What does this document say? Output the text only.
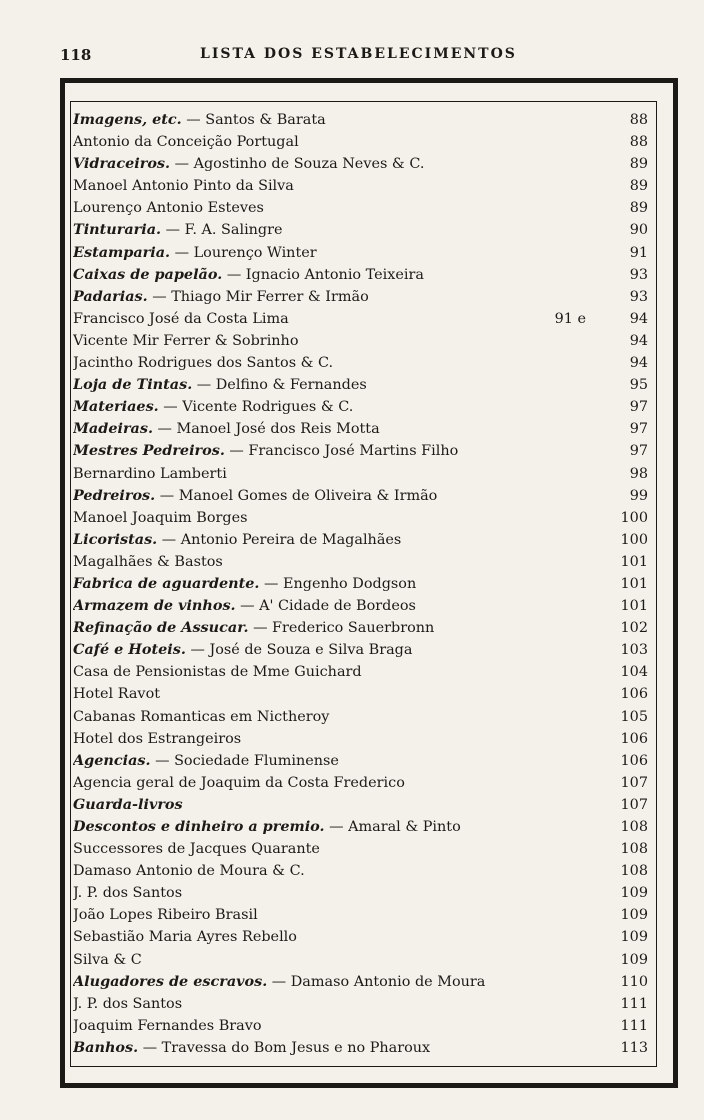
118	LISTA DOS ESTABELECIMENTOS
Imagens, etc. — Santos & Barata	88
Antonio da Conceição Portugal	88
Vidraceiros. — Agostinho de Souza Neves & C.	89
Manoel Antonio Pinto da Silva	89
Lourenço Antonio Esteves	89
Tinturaria. — F. A. Salingre	90
Estamparia. — Lourenço Winter	91
Caixas de papelão. — Ignacio Antonio Teixeira	93
Padarias. — Thiago Mir Ferrer & Irmão	93
Francisco José da Costa Lima	91 e	94
Vicente Mir Ferrer & Sobrinho	94
Jacintho Rodrigues dos Santos & C.	94
Loja de Tintas. — Delfino & Fernandes	95
Materiaes. — Vicente Rodrigues & C.	97
Madeiras. — Manoel José dos Reis Motta	97
Mestres Pedreiros. — Francisco José Martins Filho	97
Bernardino Lamberti	98
Pedreiros. — Manoel Gomes de Oliveira & Irmão	99
Manoel Joaquim Borges	100
Licoristas. — Antonio Pereira de Magalhães	100
Magalhães & Bastos	101
Fabrica de aguardente. — Engenho Dodgson	101
Armazem de vinhos. — A' Cidade de Bordeos	101
Refinação de Assucar. — Frederico Sauerbronn	102
Café e Hoteis. — José de Souza e Silva Braga	103
Casa de Pensionistas de Mme Guichard	104
Hotel Ravot	106
Cabanas Romanticas em Nictheroy	105
Hotel dos Estrangeiros	106
Agencias. — Sociedade Fluminense	106
Agencia geral de Joaquim da Costa Frederico	107
Guarda-livros	107
Descontos e dinheiro a premio. — Amaral & Pinto	108
Successores de Jacques Quarante	108
Damaso Antonio de Moura & C.	108
J. P. dos Santos	109
João Lopes Ribeiro Brasil	109
Sebastião Maria Ayres Rebello	109
Silva & C	109
Alugadores de escravos. — Damaso Antonio de Moura	110
J. P. dos Santos	111
Joaquim Fernandes Bravo	111
Banhos. — Travessa do Bom Jesus e no Pharoux	113
